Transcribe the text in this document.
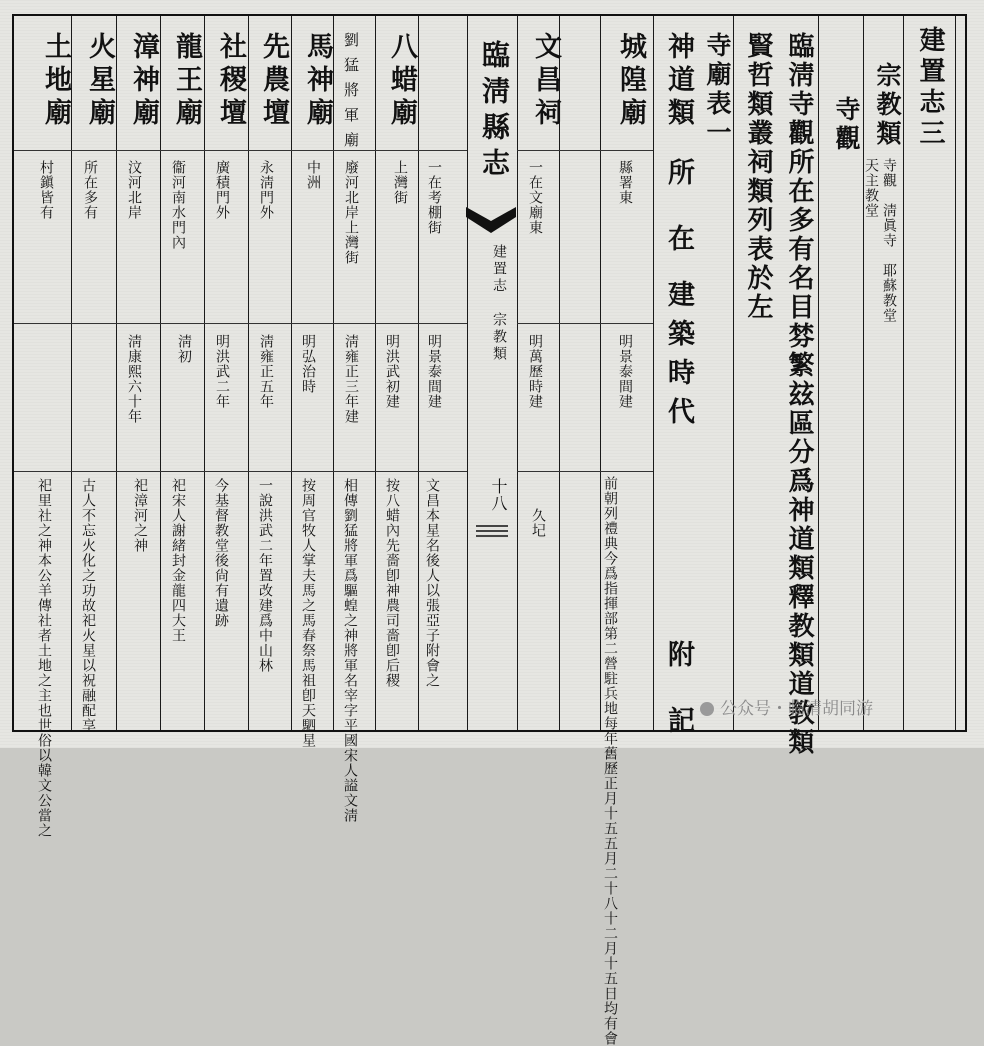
建置志三
寺觀 宗教類
寺觀　淸眞寺　耶蘇教堂
天主教堂
臨淸寺觀所在多有名目棼繁玆區分爲神道類釋教類道教類
賢哲類叢祠類列表於左
寺廟表一
神道類
所　在
建築時代
附　記
臨淸縣志
建置志　宗教類
十八
城隍廟
縣署東
明景泰間建
前朝列禮典今爲指揮部第二營駐兵地每年舊歷正月十五五月二十八十二月十五日均有會
文昌祠
一在文廟東
明萬歷時建
久圮
八蜡廟
一在考棚街
明景泰間建
文昌本星名後人以張亞子附會之
劉猛將軍廟
上灣街
明洪武初建
按八蜡內先嗇卽神農司嗇卽后稷
馬神廟
廢河北岸上灣街
淸雍正三年建
相傳劉猛將軍爲驅蝗之神將軍名宰字平國宋人謚文淸
先農壇
中洲
明弘治時
按周官牧人掌夫馬之馬春祭馬祖卽天駟星
社稷壇
永淸門外
淸雍正五年
一說洪武二年置改建爲中山林
龍王廟
廣積門外
明洪武二年
今基督教堂後尙有遺跡
漳神廟
衞河南水門內
淸初
祀宋人謝緒封金龍四大王
火星廟
汶河北岸
淸康熙六十年
祀漳河之神
土地廟
所在多有
古人不忘火化之功故祀火星以祝融配享
村鎭皆有
祀里社之神本公羊傳社者土地之主也世俗以韓文公當之	公众号・临清胡同游
